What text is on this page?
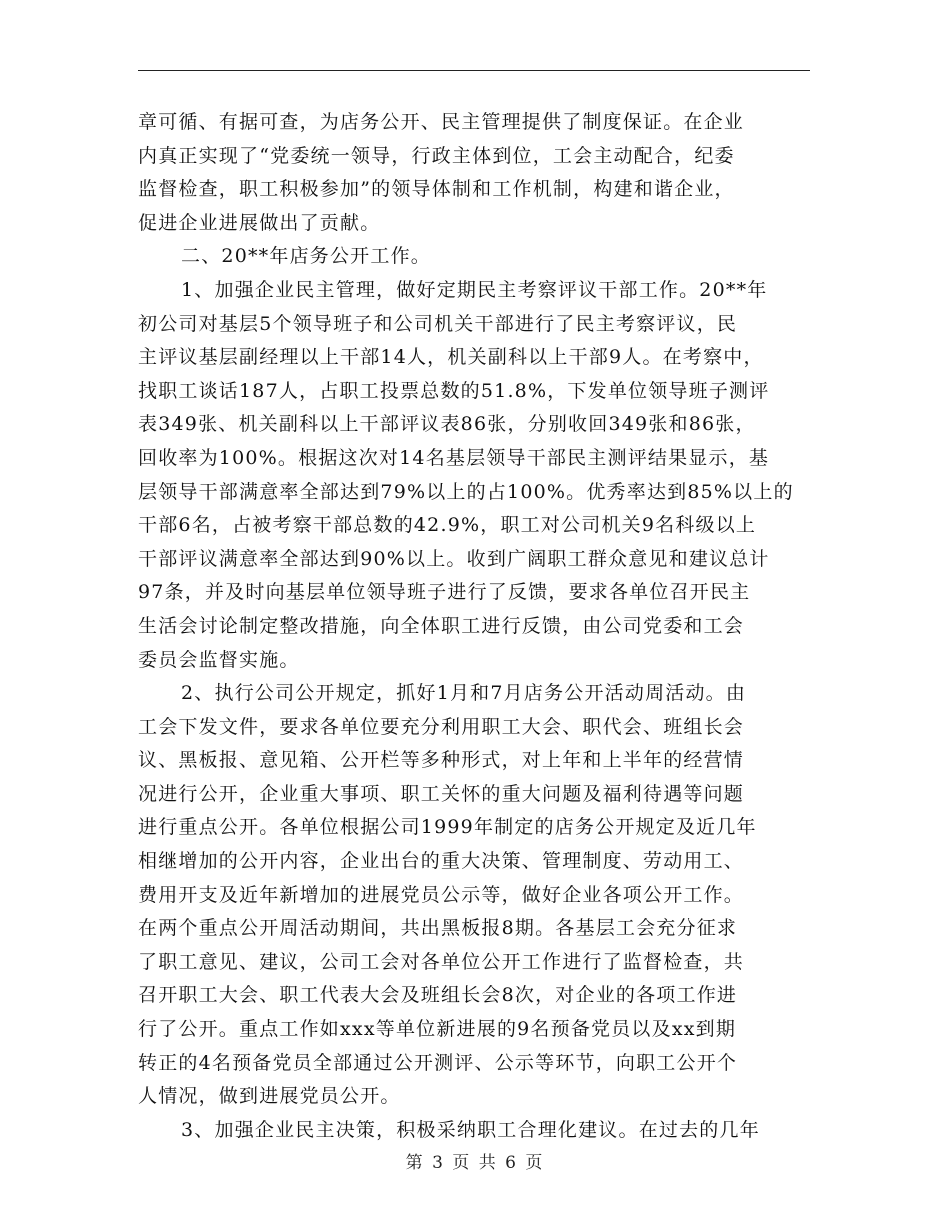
章可循、有据可查，为店务公开、民主管理提供了制度保证。在企业
内真正实现了“党委统一领导，行政主体到位，工会主动配合，纪委
监督检查，职工积极参加”的领导体制和工作机制，构建和谐企业，
促进企业进展做出了贡献。
二、20**年店务公开工作。
1、加强企业民主管理，做好定期民主考察评议干部工作。20**年
初公司对基层5个领导班子和公司机关干部进行了民主考察评议，民
主评议基层副经理以上干部14人，机关副科以上干部9人。在考察中，
找职工谈话187人，占职工投票总数的51.8%，下发单位领导班子测评
表349张、机关副科以上干部评议表86张，分别收回349张和86张，
回收率为100%。根据这次对14名基层领导干部民主测评结果显示，基
层领导干部满意率全部达到79%以上的占100%。优秀率达到85%以上的
干部6名，占被考察干部总数的42.9%，职工对公司机关9名科级以上
干部评议满意率全部达到90%以上。收到广阔职工群众意见和建议总计
97条，并及时向基层单位领导班子进行了反馈，要求各单位召开民主
生活会讨论制定整改措施，向全体职工进行反馈，由公司党委和工会
委员会监督实施。
2、执行公司公开规定，抓好1月和7月店务公开活动周活动。由
工会下发文件，要求各单位要充分利用职工大会、职代会、班组长会
议、黑板报、意见箱、公开栏等多种形式，对上年和上半年的经营情
况进行公开，企业重大事项、职工关怀的重大问题及福利待遇等问题
进行重点公开。各单位根据公司1999年制定的店务公开规定及近几年
相继增加的公开内容，企业出台的重大决策、管理制度、劳动用工、
费用开支及近年新增加的进展党员公示等，做好企业各项公开工作。
在两个重点公开周活动期间，共出黑板报8期。各基层工会充分征求
了职工意见、建议，公司工会对各单位公开工作进行了监督检查，共
召开职工大会、职工代表大会及班组长会8次，对企业的各项工作进
行了公开。重点工作如xxx等单位新进展的9名预备党员以及xx到期
转正的4名预备党员全部通过公开测评、公示等环节，向职工公开个
人情况，做到进展党员公开。
3、加强企业民主决策，积极采纳职工合理化建议。在过去的几年
第 3 页 共 6 页
